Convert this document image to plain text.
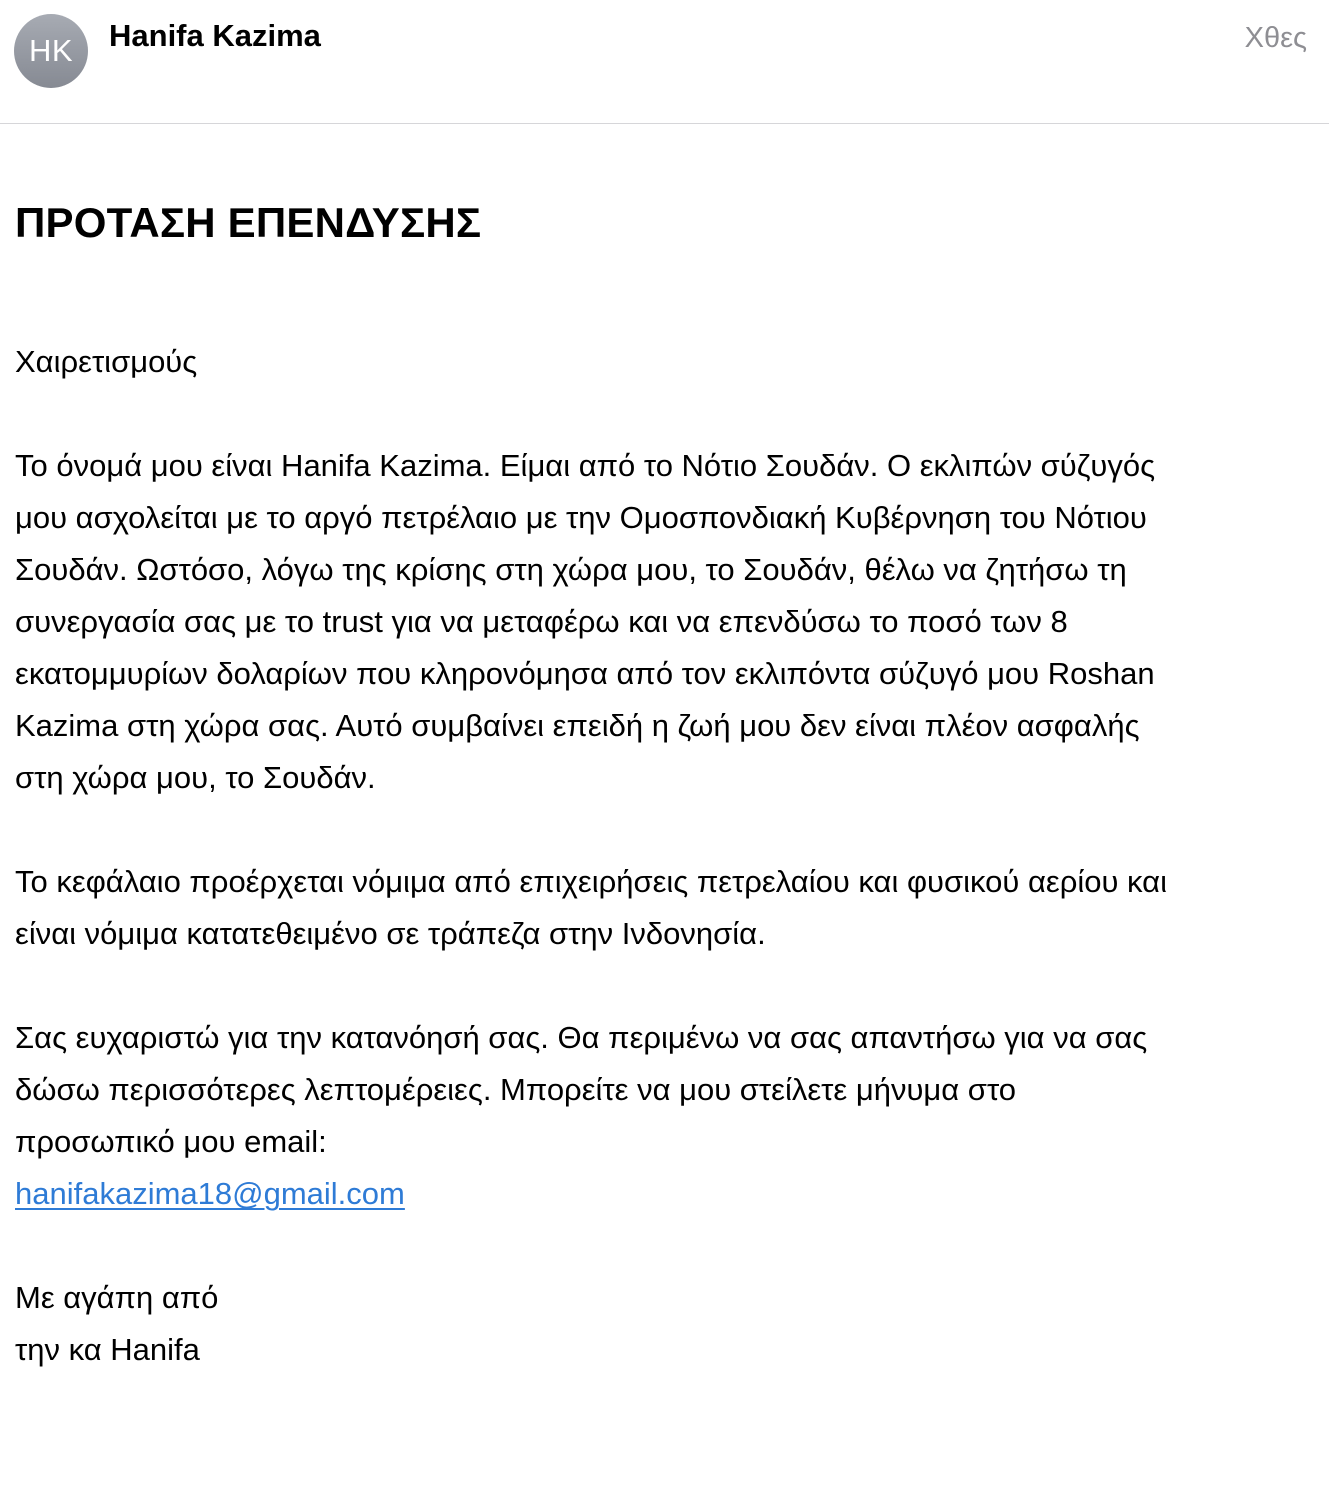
HK	Hanifa Kazima	Χθες
ΠΡΟΤΑΣΗ ΕΠΕΝΔΥΣΗΣ

Χαιρετισμούς

Το όνομά μου είναι Hanifa Kazima. Είμαι από το Νότιο Σουδάν. Ο εκλιπών σύζυγός
μου ασχολείται με το αργό πετρέλαιο με την Ομοσπονδιακή Κυβέρνηση του Νότιου
Σουδάν. Ωστόσο, λόγω της κρίσης στη χώρα μου, το Σουδάν, θέλω να ζητήσω τη
συνεργασία σας με το trust για να μεταφέρω και να επενδύσω το ποσό των 8
εκατομμυρίων δολαρίων που κληρονόμησα από τον εκλιπόντα σύζυγό μου Roshan
Kazima στη χώρα σας. Αυτό συμβαίνει επειδή η ζωή μου δεν είναι πλέον ασφαλής
στη χώρα μου, το Σουδάν.

Το κεφάλαιο προέρχεται νόμιμα από επιχειρήσεις πετρελαίου και φυσικού αερίου και
είναι νόμιμα κατατεθειμένο σε τράπεζα στην Ινδονησία.

Σας ευχαριστώ για την κατανόησή σας. Θα περιμένω να σας απαντήσω για να σας
δώσω περισσότερες λεπτομέρειες. Μπορείτε να μου στείλετε μήνυμα στο
προσωπικό μου email:
hanifakazima18@gmail.com

Με αγάπη από
την κα Hanifa
